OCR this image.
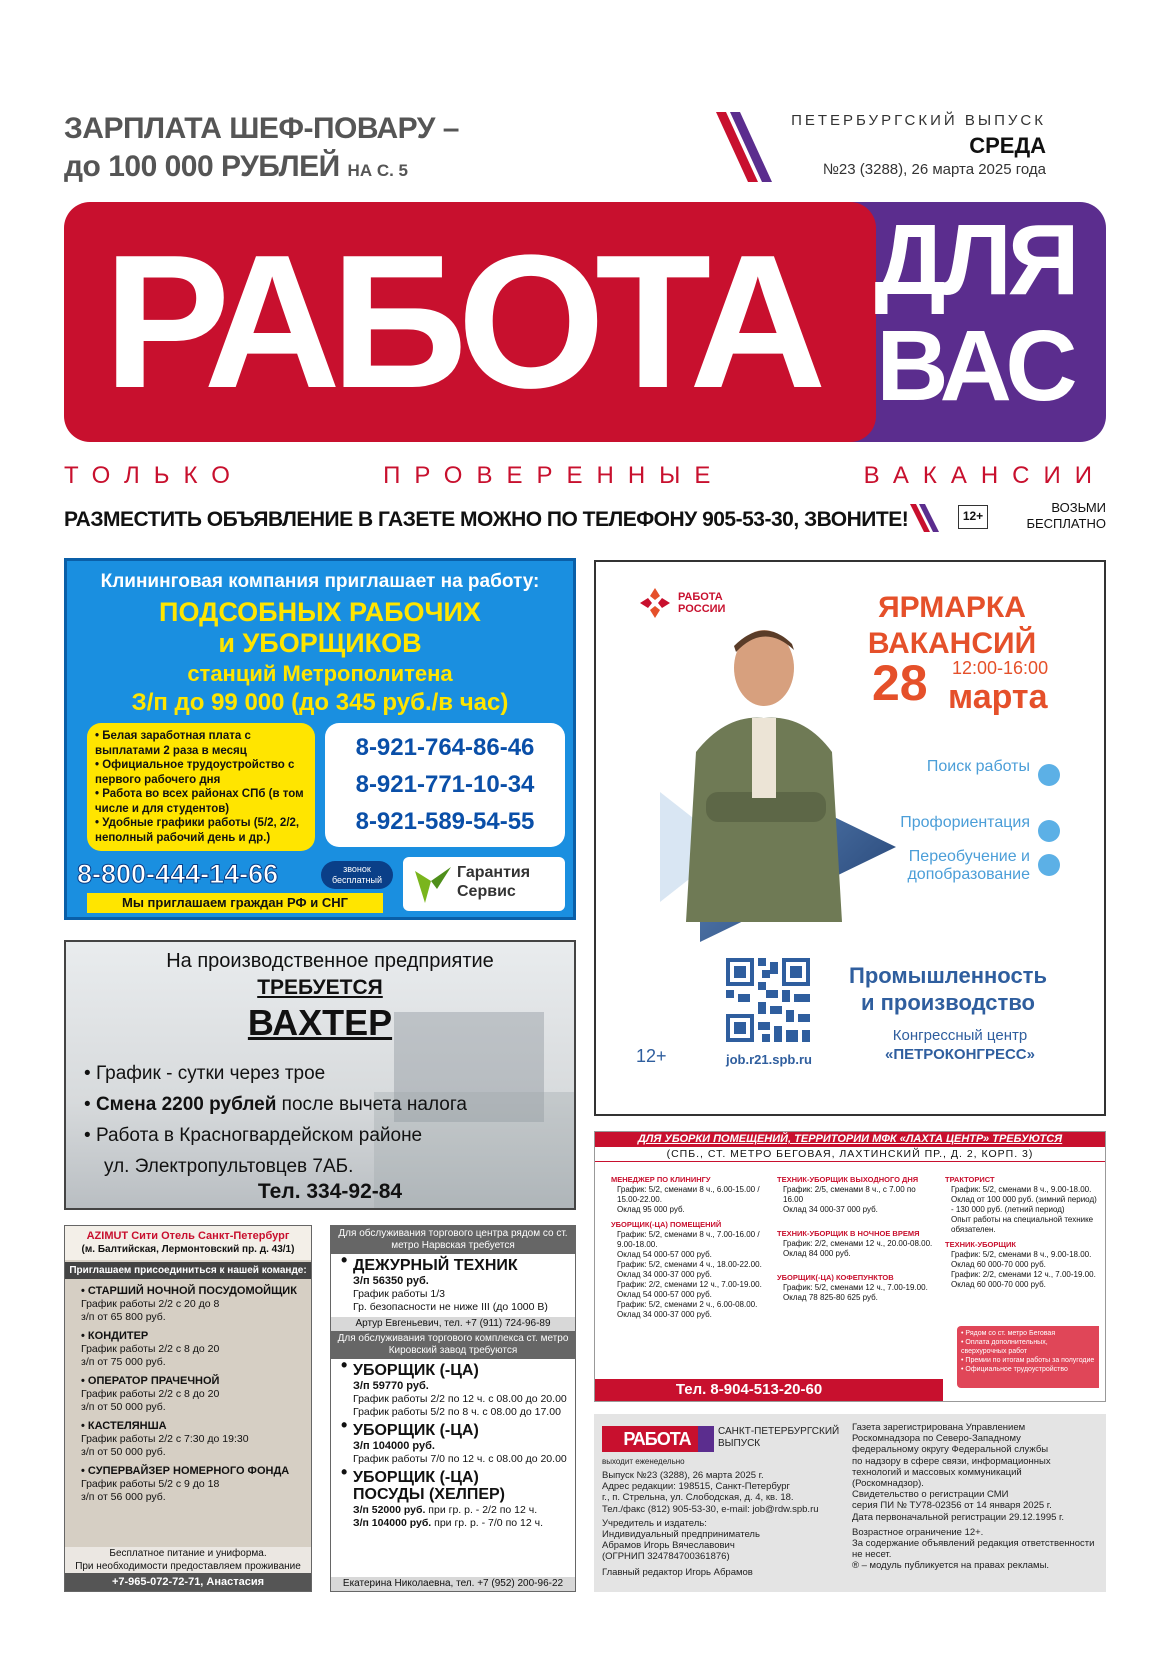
ЗАРПЛАТА ШЕФ-ПОВАРУ –
до 100 000 РУБЛЕЙ НА С. 5
ПЕТЕРБУРГСКИЙ ВЫПУСК
СРЕДА
№23 (3288), 26 марта 2025 года
РАБОТА ДЛЯ
ВАС
ТОЛЬКО	ПРОВЕРЕННЫЕ	ВАКАНСИИ
РАЗМЕСТИТЬ ОБЪЯВЛЕНИЕ В ГАЗЕТЕ МОЖНО ПО ТЕЛЕФОНУ 905-53-30, ЗВОНИТЕ!	12+
ВОЗЬМИ
БЕСПЛАТНО
Клининговая компания приглашает на работу:
ПОДСОБНЫХ РАБОЧИХ
и УБОРЩИКОВ
станций Метрополитена
З/п до 99 000 (до 345 руб./в час)
• Белая заработная плата с выплатами 2 раза в месяц
• Официальное трудоустройство с первого рабочего дня
• Работа во всех районах СПб (в том числе и для студентов)
• Удобные графики работы (5/2, 2/2, неполный рабочий день и др.)
8-921-764-86-46
8-921-771-10-34
8-921-589-54-55
8-800-444-14-66	звонок бесплатный
Мы приглашаем граждан РФ и СНГ
Гарантия
Сервис
На производственное предприятие
ТРЕБУЕТСЯ
ВАХТЕР
• График - сутки через трое
• Смена 2200 рублей после вычета налога
• Работа в Красногвардейском районе
ул. Электропультовцев 7АБ.
Тел. 334-92-84
AZIMUT Сити Отель Санкт-Петербург
(м. Балтийская, Лермонтовский пр. д. 43/1)
Приглашаем присоединиться к нашей команде:
• СТАРШИЙ НОЧНОЙ ПОСУДОМОЙЩИК
График работы 2/2 с 20 до 8
з/п от 65 800 руб.
• КОНДИТЕР
График работы 2/2 с 8 до 20
з/п от 75 000 руб.
• ОПЕРАТОР ПРАЧЕЧНОЙ
График работы 2/2 с 8 до 20
з/п от 50 000 руб.
• КАСТЕЛЯНША
График работы 2/2 с 7:30 до 19:30
з/п от 50 000 руб.
• СУПЕРВАЙЗЕР НОМЕРНОГО ФОНДА
График работы 5/2 с 9 до 18
з/п от 56 000 руб.
Бесплатное питание и униформа.
При необходимости предоставляем проживание
+7-965-072-72-71, Анастасия
Для обслуживания торгового центра рядом со ст. метро Нарвская требуется
• ДЕЖУРНЫЙ ТЕХНИК
З/п 56350 руб.
График работы 1/3
Гр. безопасности не ниже III (до 1000 В)
Артур Евгеньевич, тел. +7 (911) 724-96-89
Для обслуживания торгового комплекса ст. метро Кировский завод требуются
• УБОРЩИК (-ЦА)
З/п 59770 руб.
График работы 2/2 по 12 ч. с 08.00 до 20.00
График работы 5/2 по 8 ч. с 08.00 до 17.00
• УБОРЩИК (-ЦА)
З/п 104000 руб.
График работы 7/0 по 12 ч. с 08.00 до 20.00
• УБОРЩИК (-ЦА)
ПОСУДЫ (ХЕЛПЕР)
З/п 52000 руб. при гр. р. - 2/2 по 12 ч.
З/п 104000 руб. при гр. р. - 7/0 по 12 ч.
Екатерина Николаевна, тел. +7 (952) 200-96-22
РАБОТА
РОССИИ	ЯРМАРКА
ВАКАНСИЙ
28 12:00-16:00
марта
Поиск работы
Профориентация
Переобучение и допобразование
job.r21.spb.ru
Промышленность
и производство
Конгрессный центр
«ПЕТРОКОНГРЕСС»
12+
ДЛЯ УБОРКИ ПОМЕЩЕНИЙ, ТЕРРИТОРИИ МФК «ЛАХТА ЦЕНТР» ТРЕБУЮТСЯ
(СПБ., СТ. МЕТРО БЕГОВАЯ, ЛАХТИНСКИЙ ПР., Д. 2, КОРП. 3)
МЕНЕДЖЕР ПО КЛИНИНГУ
График: 5/2, сменами 8 ч., 6.00-15.00 / 15.00-22.00.
Оклад 95 000 руб.
УБОРЩИК(-ЦА) ПОМЕЩЕНИЙ
График: 5/2, сменами 8 ч., 7.00-16.00 / 9.00-18.00.
Оклад 54 000-57 000 руб.
График: 5/2, сменами 4 ч., 18.00-22.00.
Оклад 34 000-37 000 руб.
График: 2/2, сменами 12 ч., 7.00-19.00.
Оклад 54 000-57 000 руб.
График: 5/2, сменами 2 ч., 6.00-08.00.
Оклад 34 000-37 000 руб.
ТЕХНИК-УБОРЩИК ВЫХОДНОГО ДНЯ
График: 2/5, сменами 8 ч., с 7.00 по 16.00
Оклад 34 000-37 000 руб.
ТЕХНИК-УБОРЩИК В НОЧНОЕ ВРЕМЯ
График: 2/2, сменами 12 ч., 20.00-08.00.
Оклад 84 000 руб.
УБОРЩИК(-ЦА) КОФЕПУНКТОВ
График: 5/2, сменами 12 ч., 7.00-19.00.
Оклад 78 825-80 625 руб.
ТРАКТОРИСТ
График: 5/2, сменами 8 ч., 9.00-18.00.
Оклад от 100 000 руб. (зимний период) - 130 000 руб. (летний период)
Опыт работы на специальной технике обязателен.
ТЕХНИК-УБОРЩИК
График: 5/2, сменами 8 ч., 9.00-18.00.
Оклад 60 000-70 000 руб.
График: 2/2, сменами 12 ч., 7.00-19.00.
Оклад 60 000-70 000 руб.
• Рядом со ст. метро Беговая
• Оплата дополнительных, сверхурочных работ
• Премии по итогам работы за полугодие
• Официальное трудоустройство
Тел. 8-904-513-20-60
РАБОТА	САНКТ-ПЕТЕРБУРГСКИЙ
ВЫПУСК
выходит еженедельно
Выпуск №23 (3288), 26 марта 2025 г.
Адрес редакции: 198515, Санкт-Петербург
г., п. Стрельна, ул. Слободская, д. 4, кв. 18.
Тел./факс (812) 905-53-30, e-mail: job@rdw.spb.ru
Учредитель и издатель:
Индивидуальный предприниматель
Абрамов Игорь Вячеславович
(ОГРНИП 324784700361876)
Главный редактор Игорь Абрамов
Газета зарегистрирована Управлением
Роскомнадзора по Северо-Западному
федеральному округу Федеральной службы
по надзору в сфере связи, информационных
технологий и массовых коммуникаций
(Роскомнадзор).
Свидетельство о регистрации СМИ
серия ПИ № ТУ78-02356 от 14 января 2025 г.
Дата первоначальной регистрации 29.12.1995 г.
Возрастное ограничение 12+.
За содержание объявлений редакция ответственности
не несет.
® – модуль публикуется на правах рекламы.
